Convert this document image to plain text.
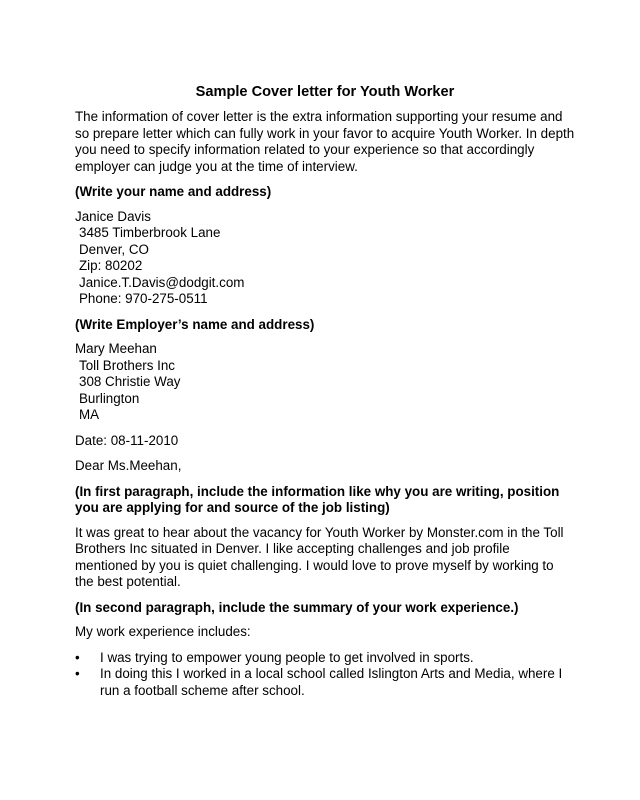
Sample Cover letter for Youth Worker

The information of cover letter is the extra information supporting your resume and so prepare letter which can fully work in your favor to acquire Youth Worker. In depth you need to specify information related to your experience so that accordingly employer can judge you at the time of interview.

(Write your name and address)

Janice Davis
3485 Timberbrook Lane
Denver, CO
Zip: 80202
Janice.T.Davis@dodgit.com
Phone: 970-275-0511

(Write Employer’s name and address)

Mary Meehan
Toll Brothers Inc
308 Christie Way
Burlington
MA

Date: 08-11-2010

Dear Ms.Meehan,

(In first paragraph, include the information like why you are writing, position you are applying for and source of the job listing)

It was great to hear about the vacancy for Youth Worker by Monster.com in the Toll Brothers Inc situated in Denver. I like accepting challenges and job profile mentioned by you is quiet challenging. I would love to prove myself by working to the best potential.

(In second paragraph, include the summary of your work experience.)

My work experience includes:

• I was trying to empower young people to get involved in sports.
• In doing this I worked in a local school called Islington Arts and Media, where I run a football scheme after school.
